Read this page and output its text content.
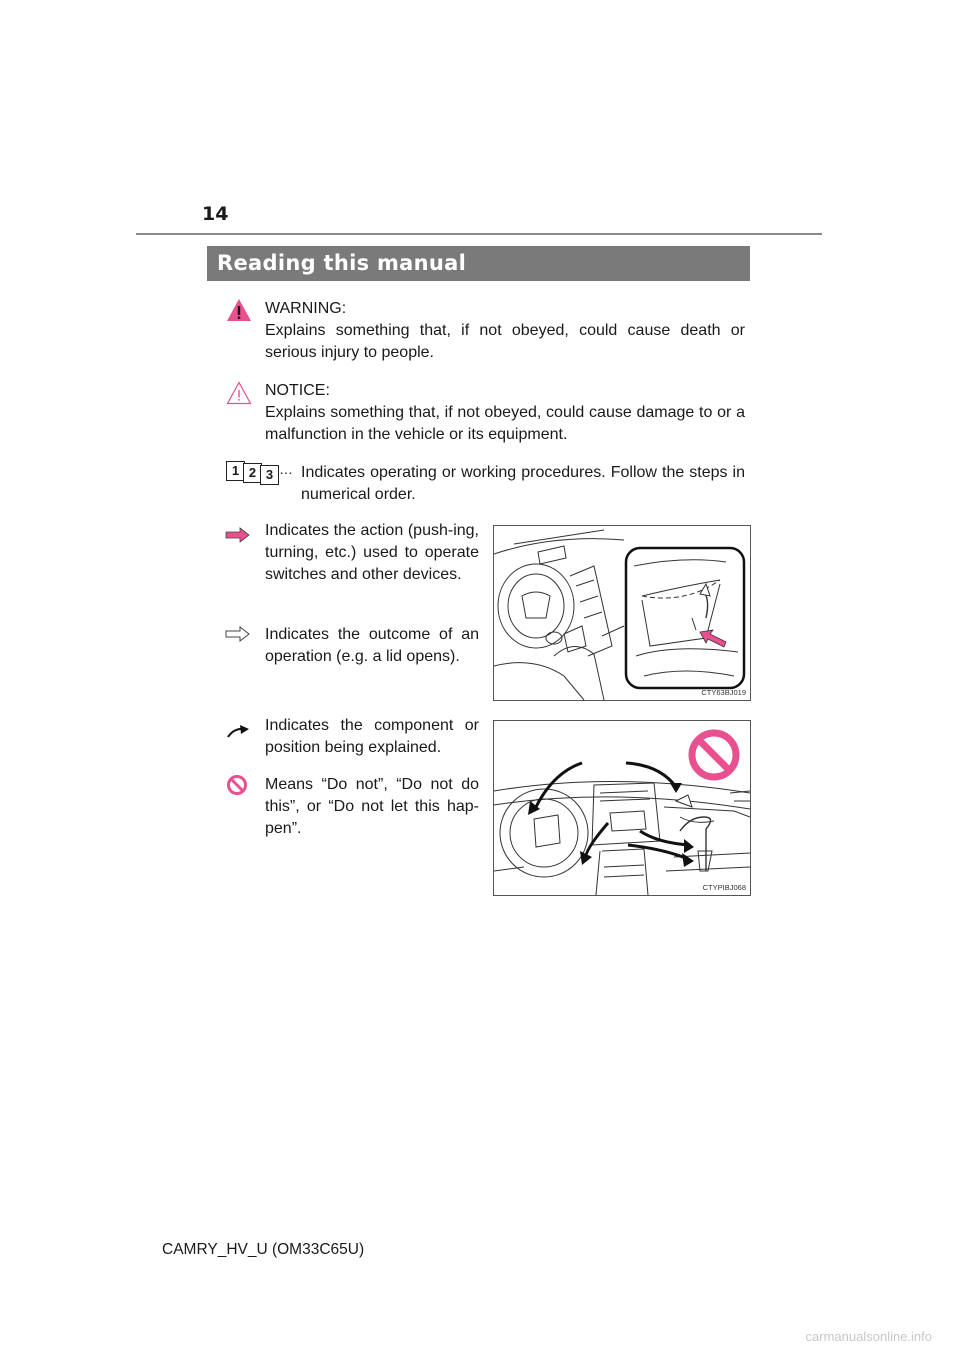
14
Reading this manual
WARNING:
Explains something that, if not obeyed, could cause death or serious injury to people.
NOTICE:
Explains something that, if not obeyed, could cause damage to or a malfunction in the vehicle or its equipment.
1 2 3 … Indicates operating or working procedures. Follow the steps in numerical order.
Indicates the action (push-ing, turning, etc.) used to operate switches and other devices.
Indicates the outcome of an operation (e.g. a lid opens).
CTY63BJ019
Indicates the component or position being explained.
Means “Do not”, “Do not do this”, or “Do not let this hap-pen”.
CTYPIBJ068
CAMRY_HV_U (OM33C65U)
carmanualsonline.info
